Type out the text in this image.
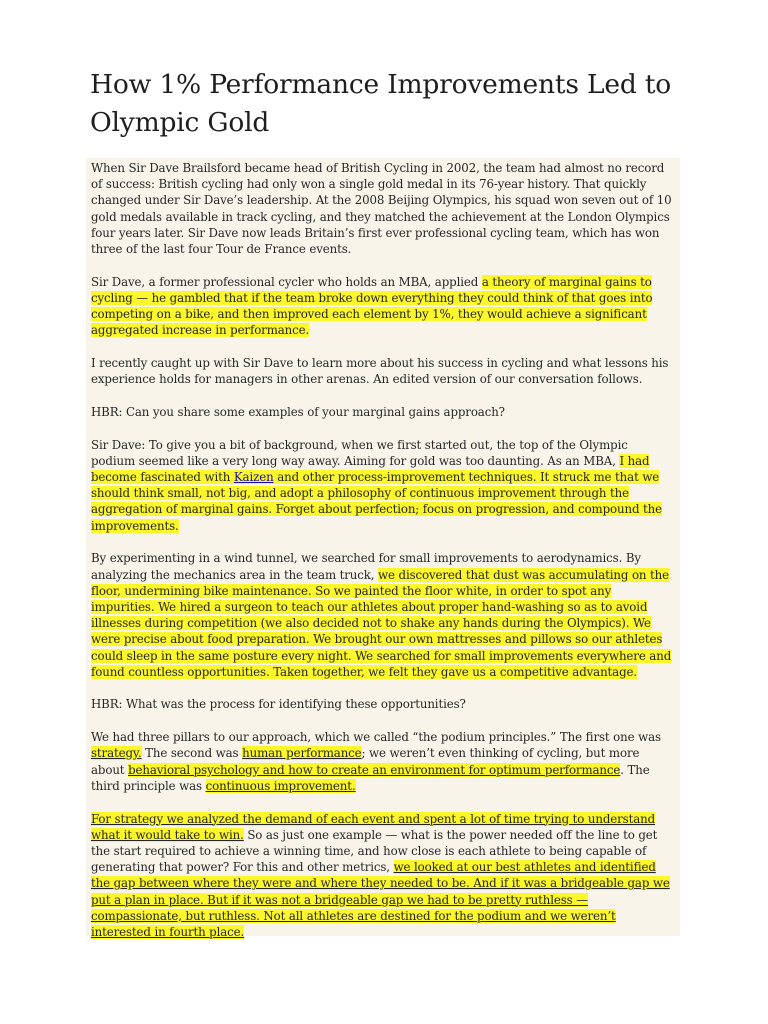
How 1% Performance Improvements Led to Olympic Gold

When Sir Dave Brailsford became head of British Cycling in 2002, the team had almost no record of success: British cycling had only won a single gold medal in its 76-year history. That quickly changed under Sir Dave’s leadership. At the 2008 Beijing Olympics, his squad won seven out of 10 gold medals available in track cycling, and they matched the achievement at the London Olympics four years later. Sir Dave now leads Britain’s first ever professional cycling team, which has won three of the last four Tour de France events.

Sir Dave, a former professional cycler who holds an MBA, applied a theory of marginal gains to cycling — he gambled that if the team broke down everything they could think of that goes into competing on a bike, and then improved each element by 1%, they would achieve a significant aggregated increase in performance.

I recently caught up with Sir Dave to learn more about his success in cycling and what lessons his experience holds for managers in other arenas. An edited version of our conversation follows.

HBR: Can you share some examples of your marginal gains approach?

Sir Dave: To give you a bit of background, when we first started out, the top of the Olympic podium seemed like a very long way away. Aiming for gold was too daunting. As an MBA, I had become fascinated with Kaizen and other process-improvement techniques. It struck me that we should think small, not big, and adopt a philosophy of continuous improvement through the aggregation of marginal gains. Forget about perfection; focus on progression, and compound the improvements.

By experimenting in a wind tunnel, we searched for small improvements to aerodynamics. By analyzing the mechanics area in the team truck, we discovered that dust was accumulating on the floor, undermining bike maintenance. So we painted the floor white, in order to spot any impurities. We hired a surgeon to teach our athletes about proper hand-washing so as to avoid illnesses during competition (we also decided not to shake any hands during the Olympics). We were precise about food preparation. We brought our own mattresses and pillows so our athletes could sleep in the same posture every night. We searched for small improvements everywhere and found countless opportunities. Taken together, we felt they gave us a competitive advantage.

HBR: What was the process for identifying these opportunities?

We had three pillars to our approach, which we called “the podium principles.” The first one was strategy. The second was human performance; we weren’t even thinking of cycling, but more about behavioral psychology and how to create an environment for optimum performance. The third principle was continuous improvement.

For strategy we analyzed the demand of each event and spent a lot of time trying to understand what it would take to win. So as just one example — what is the power needed off the line to get the start required to achieve a winning time, and how close is each athlete to being capable of generating that power? For this and other metrics, we looked at our best athletes and identified the gap between where they were and where they needed to be. And if it was a bridgeable gap we put a plan in place. But if it was not a bridgeable gap we had to be pretty ruthless — compassionate, but ruthless. Not all athletes are destined for the podium and we weren’t interested in fourth place.
